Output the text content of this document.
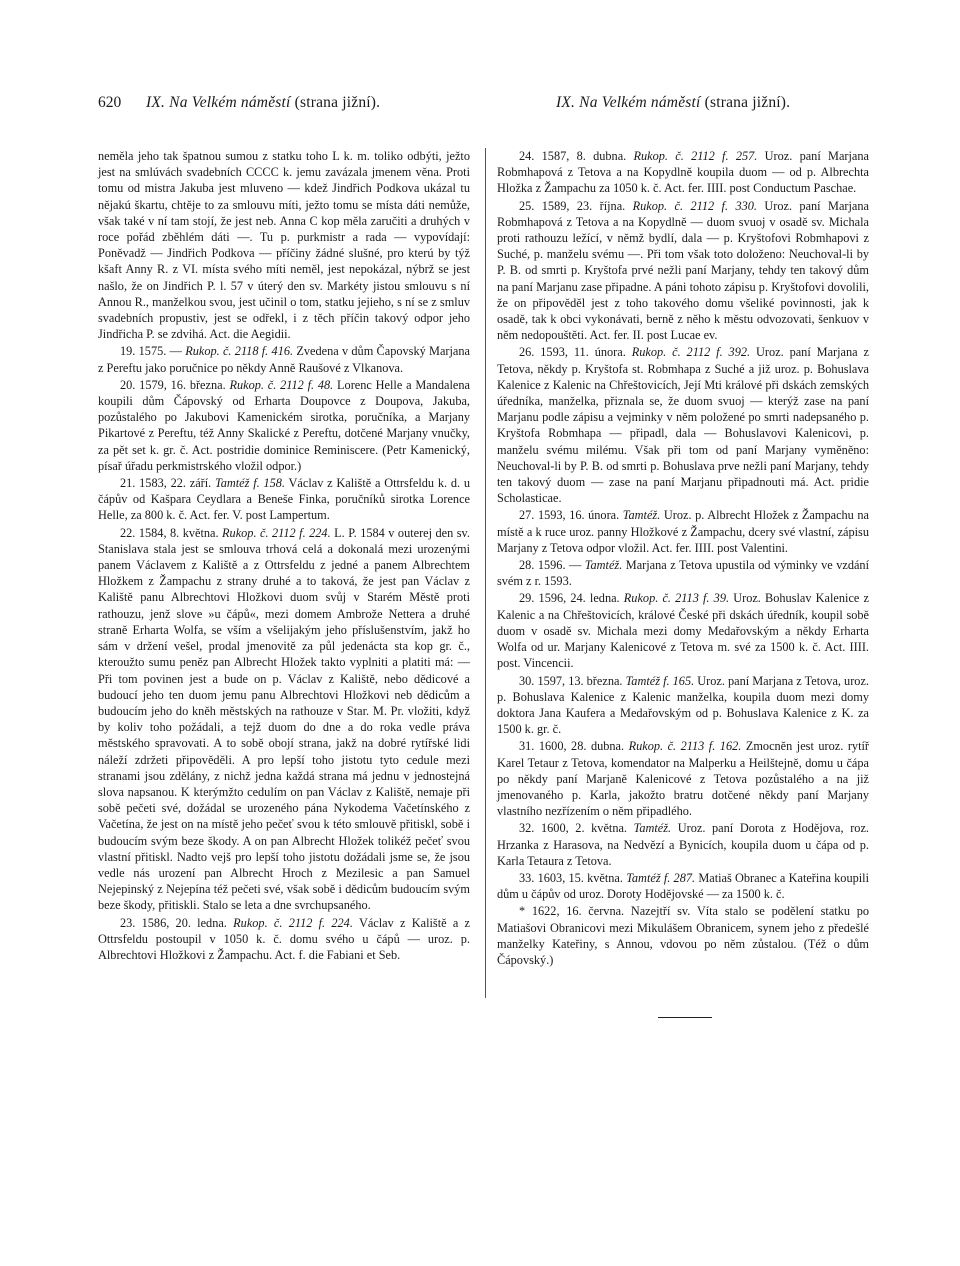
620 IX. Na Velkém náměstí (strana jižní).	IX. Na Velkém náměstí (strana jižní).

neměla jeho tak špatnou sumou z statku toho L k. m. toliko odbýti, ježto jest na smlúvách svadebních CCCC k. jemu zavázala jmenem věna. Proti tomu od mistra Jakuba jest mluveno — kdež Jindřich Podkova ukázal tu nějakú škartu, chtěje to za smlouvu míti, ježto tomu se místa dáti nemůže, však také v ní tam stojí, že jest neb. Anna C kop měla zaručiti a druhých v roce pořád zběhlém dáti —. Tu p. purkmistr a rada — vypovídají: Poněvadž — Jindřich Podkova — příčiny žádné slušné, pro kterú by týž kšaft Anny R. z VI. místa svého míti neměl, jest nepokázal, nýbrž se jest našlo, že on Jindřich P. l. 57 v úterý den sv. Markéty jistou smlouvu s ní Annou R., manželkou svou, jest učinil o tom, statku jejieho, s ní se z smluv svadebních propustiv, jest se odřekl, i z těch příčin takový odpor jeho Jindřicha P. se zdvihá. Act. die Aegidii.

19. 1575. — Rukop. č. 2118 f. 416. Zvedena v dům Čapovský Marjana z Pereftu jako poručnice po někdy Anně Raušové z Vlkanova.

20. 1579, 16. března. Rukop. č. 2112 f. 48. Lorenc Helle a Mandalena koupili dům Čápovský od Erharta Doupovce z Doupova, Jakuba, pozůstalého po Jakubovi Kamenickém sirotka, poručníka, a Marjany Pikartové z Pereftu, též Anny Skalické z Pereftu, dotčené Marjany vnučky, za pět set k. gr. č. Act. postridie dominice Reminiscere. (Petr Kamenický, písař úřadu perkmistrského vložil odpor.)

21. 1583, 22. září. Tamtéž f. 158. Václav z Kaliště a Ottrsfeldu k. d. u čápův od Kašpara Ceydlara a Beneše Finka, poručníků sirotka Lorence Helle, za 800 k. č. Act. fer. V. post Lampertum.

22. 1584, 8. května. Rukop. č. 2112 f. 224. L. P. 1584 v outerej den sv. Stanislava stala jest se smlouva trhová celá a dokonalá mezi urozenými panem Václavem z Kaliště a z Ottrsfeldu z jedné a panem Albrechtem Hložkem z Žampachu z strany druhé a to taková, že jest pan Václav z Kaliště panu Albrechtovi Hložkovi duom svůj v Starém Městě proti rathouzu, jenž slove »u čápů«, mezi domem Ambrože Nettera a druhé straně Erharta Wolfa, se vším a všelijakým jeho příslušenstvím, jakž ho sám v držení vešel, prodal jmenovitě za půl jedenácta sta kop gr. č., kteroužto sumu peněz pan Albrecht Hložek takto vyplniti a platiti má: — Při tom povinen jest a bude on p. Václav z Kaliště, nebo dědicové a budoucí jeho ten duom jemu panu Albrechtovi Hložkovi neb dědicům a budoucím jeho do kněh městských na rathouze v Star. M. Pr. vložiti, když by koliv toho požádali, a tejž duom do dne a do roka vedle práva městského spravovati. A to sobě obojí strana, jakž na dobré rytířské lidi náleží zdržeti připověděli. A pro lepší toho jistotu tyto cedule mezi stranami jsou zdělány, z nichž jedna každá strana má jednu v jednostejná slova napsanou. K kterýmžto cedulím on pan Václav z Kaliště, nemaje při sobě pečeti své, dožádal se urozeného pána Nykodema Vačetínského z Vačetína, že jest on na místě jeho pečeť svou k této smlouvě přitiskl, sobě i budoucím svým beze škody. A on pan Albrecht Hložek tolikéž pečeť svou vlastní přitiskl. Nadto vejš pro lepší toho jistotu dožádali jsme se, že jsou vedle nás urození pan Albrecht Hroch z Mezilesic a pan Samuel Nejepinský z Nejepína též pečeti své, však sobě i dědicům budoucím svým beze škody, přitiskli. Stalo se leta a dne svrchupsaného.

23. 1586, 20. ledna. Rukop. č. 2112 f. 224. Václav z Kaliště a z Ottrsfeldu postoupil v 1050 k. č. domu svého u čápů — uroz. p. Albrechtovi Hložkovi z Žampachu. Act. f. die Fabiani et Seb.

24. 1587, 8. dubna. Rukop. č. 2112 f. 257. Uroz. paní Marjana Robmhapová z Tetova a na Kopydlně koupila duom — od p. Albrechta Hložka z Žampachu za 1050 k. č. Act. fer. IIII. post Conductum Paschae.

25. 1589, 23. října. Rukop. č. 2112 f. 330. Uroz. paní Marjana Robmhapová z Tetova a na Kopydlně — duom svuoj v osadě sv. Michala proti rathouzu ležící, v němž bydlí, dala — p. Kryštofovi Robmhapovi z Suché, p. manželu svému —. Při tom však toto doloženo: Neuchoval-li by P. B. od smrti p. Kryštofa prvé nežli paní Marjany, tehdy ten takový dům na paní Marjanu zase připadne. A páni tohoto zápisu p. Kryštofovi dovolili, že on připověděl jest z toho takového domu všeliké povinnosti, jak k osadě, tak k obci vykonávati, berně z něho k městu odvozovati, šenkuov v něm nedopouštěti. Act. fer. II. post Lucae ev.

26. 1593, 11. února. Rukop. č. 2112 f. 392. Uroz. paní Marjana z Tetova, někdy p. Kryštofa st. Robmhapa z Suché a již uroz. p. Bohuslava Kalenice z Kalenic na Chřeštovicích, Její Mti králové při dskách zemských úředníka, manželka, přiznala se, že duom svuoj — kterýž zase na paní Marjanu podle zápisu a vejminky v něm položené po smrti nadepsaného p. Kryštofa Robmhapa — připadl, dala — Bohuslavovi Kalenicovi, p. manželu svému milému. Však při tom od paní Marjany vyměněno: Neuchoval-li by P. B. od smrti p. Bohuslava prve nežli paní Marjany, tehdy ten takový duom — zase na paní Marjanu připadnouti má. Act. pridie Scholasticae.

27. 1593, 16. února. Tamtéž. Uroz. p. Albrecht Hložek z Žampachu na místě a k ruce uroz. panny Hložkové z Žampachu, dcery své vlastní, zápisu Marjany z Tetova odpor vložil. Act. fer. IIII. post Valentini.

28. 1596. — Tamtéž. Marjana z Tetova upustila od výminky ve vzdání svém z r. 1593.

29. 1596, 24. ledna. Rukop. č. 2113 f. 39. Uroz. Bohuslav Kalenice z Kalenic a na Chřeštovicích, králové České při dskách úředník, koupil sobě duom v osadě sv. Michala mezi domy Medařovským a někdy Erharta Wolfa od ur. Marjany Kalenicové z Tetova m. své za 1500 k. č. Act. IIII. post. Vincencii.

30. 1597, 13. března. Tamtéž f. 165. Uroz. paní Marjana z Tetova, uroz. p. Bohuslava Kalenice z Kalenic manželka, koupila duom mezi domy doktora Jana Kaufera a Medařovským od p. Bohuslava Kalenice z K. za 1500 k. gr. č.

31. 1600, 28. dubna. Rukop. č. 2113 f. 162. Zmocněn jest uroz. rytíř Karel Tetaur z Tetova, komendator na Malperku a Heilštejně, domu u čápa po někdy paní Marjaně Kalenicové z Tetova pozůstalého a na již jmenovaného p. Karla, jakožto bratru dotčené někdy paní Marjany vlastního nezřízením o něm připadlého.

32. 1600, 2. května. Tamtéž. Uroz. paní Dorota z Hodějova, roz. Hrzanka z Harasova, na Nedvězí a Bynicích, koupila duom u čápa od p. Karla Tetaura z Tetova.

33. 1603, 15. května. Tamtéž f. 287. Matiaš Obranec a Kateřina koupili dům u čápův od uroz. Doroty Hodějovské — za 1500 k. č.

* 1622, 16. června. Nazejtří sv. Víta stalo se podělení statku po Matiašovi Obranicovi mezi Mikulášem Obranicem, synem jeho z předešlé manželky Kateřiny, s Annou, vdovou po něm zůstalou. (Též o dům Čápovský.)
